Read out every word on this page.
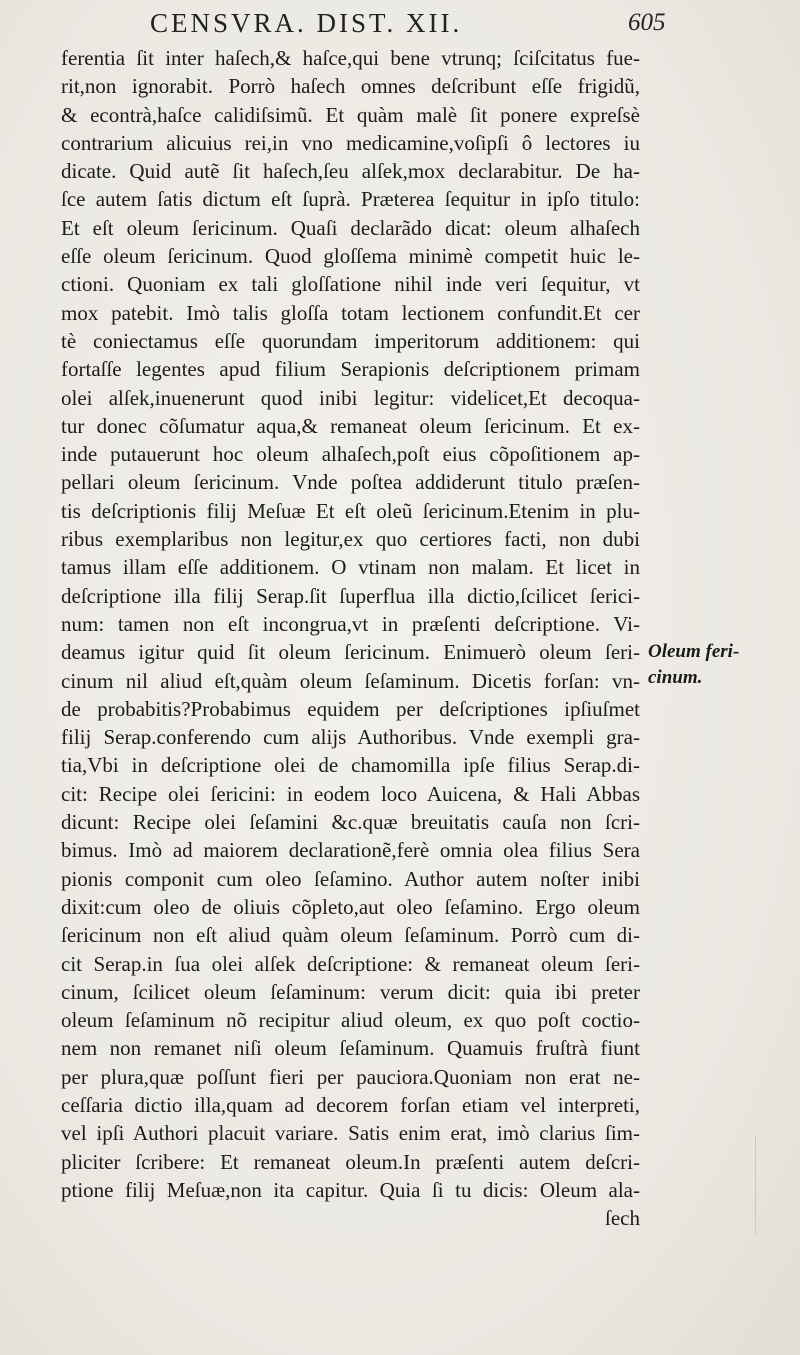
CENSVRA. DIST. XII.	605
ferentia ſit inter haſech,& haſce,qui bene vtrunq; ſciſcitatus fue-
rit,non ignorabit. Porrò haſech omnes deſcribunt eſſe frigidũ,
& econtrà,haſce calidiſsimũ. Et quàm malè ſit ponere expreſsè
contrarium alicuius rei,in vno medicamine,voſipſi ô lectores iu
dicate. Quid autẽ ſit haſech,ſeu alſek,mox declarabitur. De ha-
ſce autem ſatis dictum eſt ſuprà. Præterea ſequitur in ipſo titulo:
Et eſt oleum ſericinum. Quaſi declarãdo dicat: oleum alhaſech
eſſe oleum ſericinum. Quod gloſſema minimè competit huic le-
ctioni. Quoniam ex tali gloſſatione nihil inde veri ſequitur, vt
mox patebit. Imò talis gloſſa totam lectionem confundit.Et cer
tè coniectamus eſſe quorundam imperitorum additionem: qui
fortaſſe legentes apud filium Serapionis deſcriptionem primam
olei alſek,inuenerunt quod inibi legitur: videlicet,Et decoqua-
tur donec cõſumatur aqua,& remaneat oleum ſericinum. Et ex-
inde putauerunt hoc oleum alhaſech,poſt eius cõpoſitionem ap-
pellari oleum ſericinum. Vnde poſtea addiderunt titulo præſen-
tis deſcriptionis filij Meſuæ Et eſt oleũ ſericinum.Etenim in plu-
ribus exemplaribus non legitur,ex quo certiores facti, non dubi
tamus illam eſſe additionem. O vtinam non malam. Et licet in
deſcriptione illa filij Serap.ſit ſuperflua illa dictio,ſcilicet ſerici-
num: tamen non eſt incongrua,vt in præſenti deſcriptione. Vi-
deamus igitur quid ſit oleum ſericinum. Enimuerò oleum ſeri-
cinum nil aliud eſt,quàm oleum ſeſaminum. Dicetis forſan: vn-
de probabitis?Probabimus equidem per deſcriptiones ipſiuſmet
filij Serap.conferendo cum alijs Authoribus. Vnde exempli gra-
tia,Vbi in deſcriptione olei de chamomilla ipſe filius Serap.di-
cit: Recipe olei ſericini: in eodem loco Auicena, & Hali Abbas
dicunt: Recipe olei ſeſamini &c.quæ breuitatis cauſa non ſcri-
bimus. Imò ad maiorem declarationẽ,ferè omnia olea filius Sera
pionis componit cum oleo ſeſamino. Author autem noſter inibi
dixit:cum oleo de oliuis cõpleto,aut oleo ſeſamino. Ergo oleum
ſericinum non eſt aliud quàm oleum ſeſaminum. Porrò cum di-
cit Serap.in ſua olei alſek deſcriptione: & remaneat oleum ſeri-
cinum, ſcilicet oleum ſeſaminum: verum dicit: quia ibi preter
oleum ſeſaminum nõ recipitur aliud oleum, ex quo poſt coctio-
nem non remanet niſi oleum ſeſaminum. Quamuis fruſtrà fiunt
per plura,quæ poſſunt fieri per pauciora.Quoniam non erat ne-
ceſſaria dictio illa,quam ad decorem forſan etiam vel interpreti,
vel ipſi Authori placuit variare. Satis enim erat, imò clarius ſim-
pliciter ſcribere: Et remaneat oleum.In præſenti autem deſcri-
ptione filij Meſuæ,non ita capitur. Quia ſi tu dicis: Oleum ala-
ſech
Oleum feri-
cinum.
